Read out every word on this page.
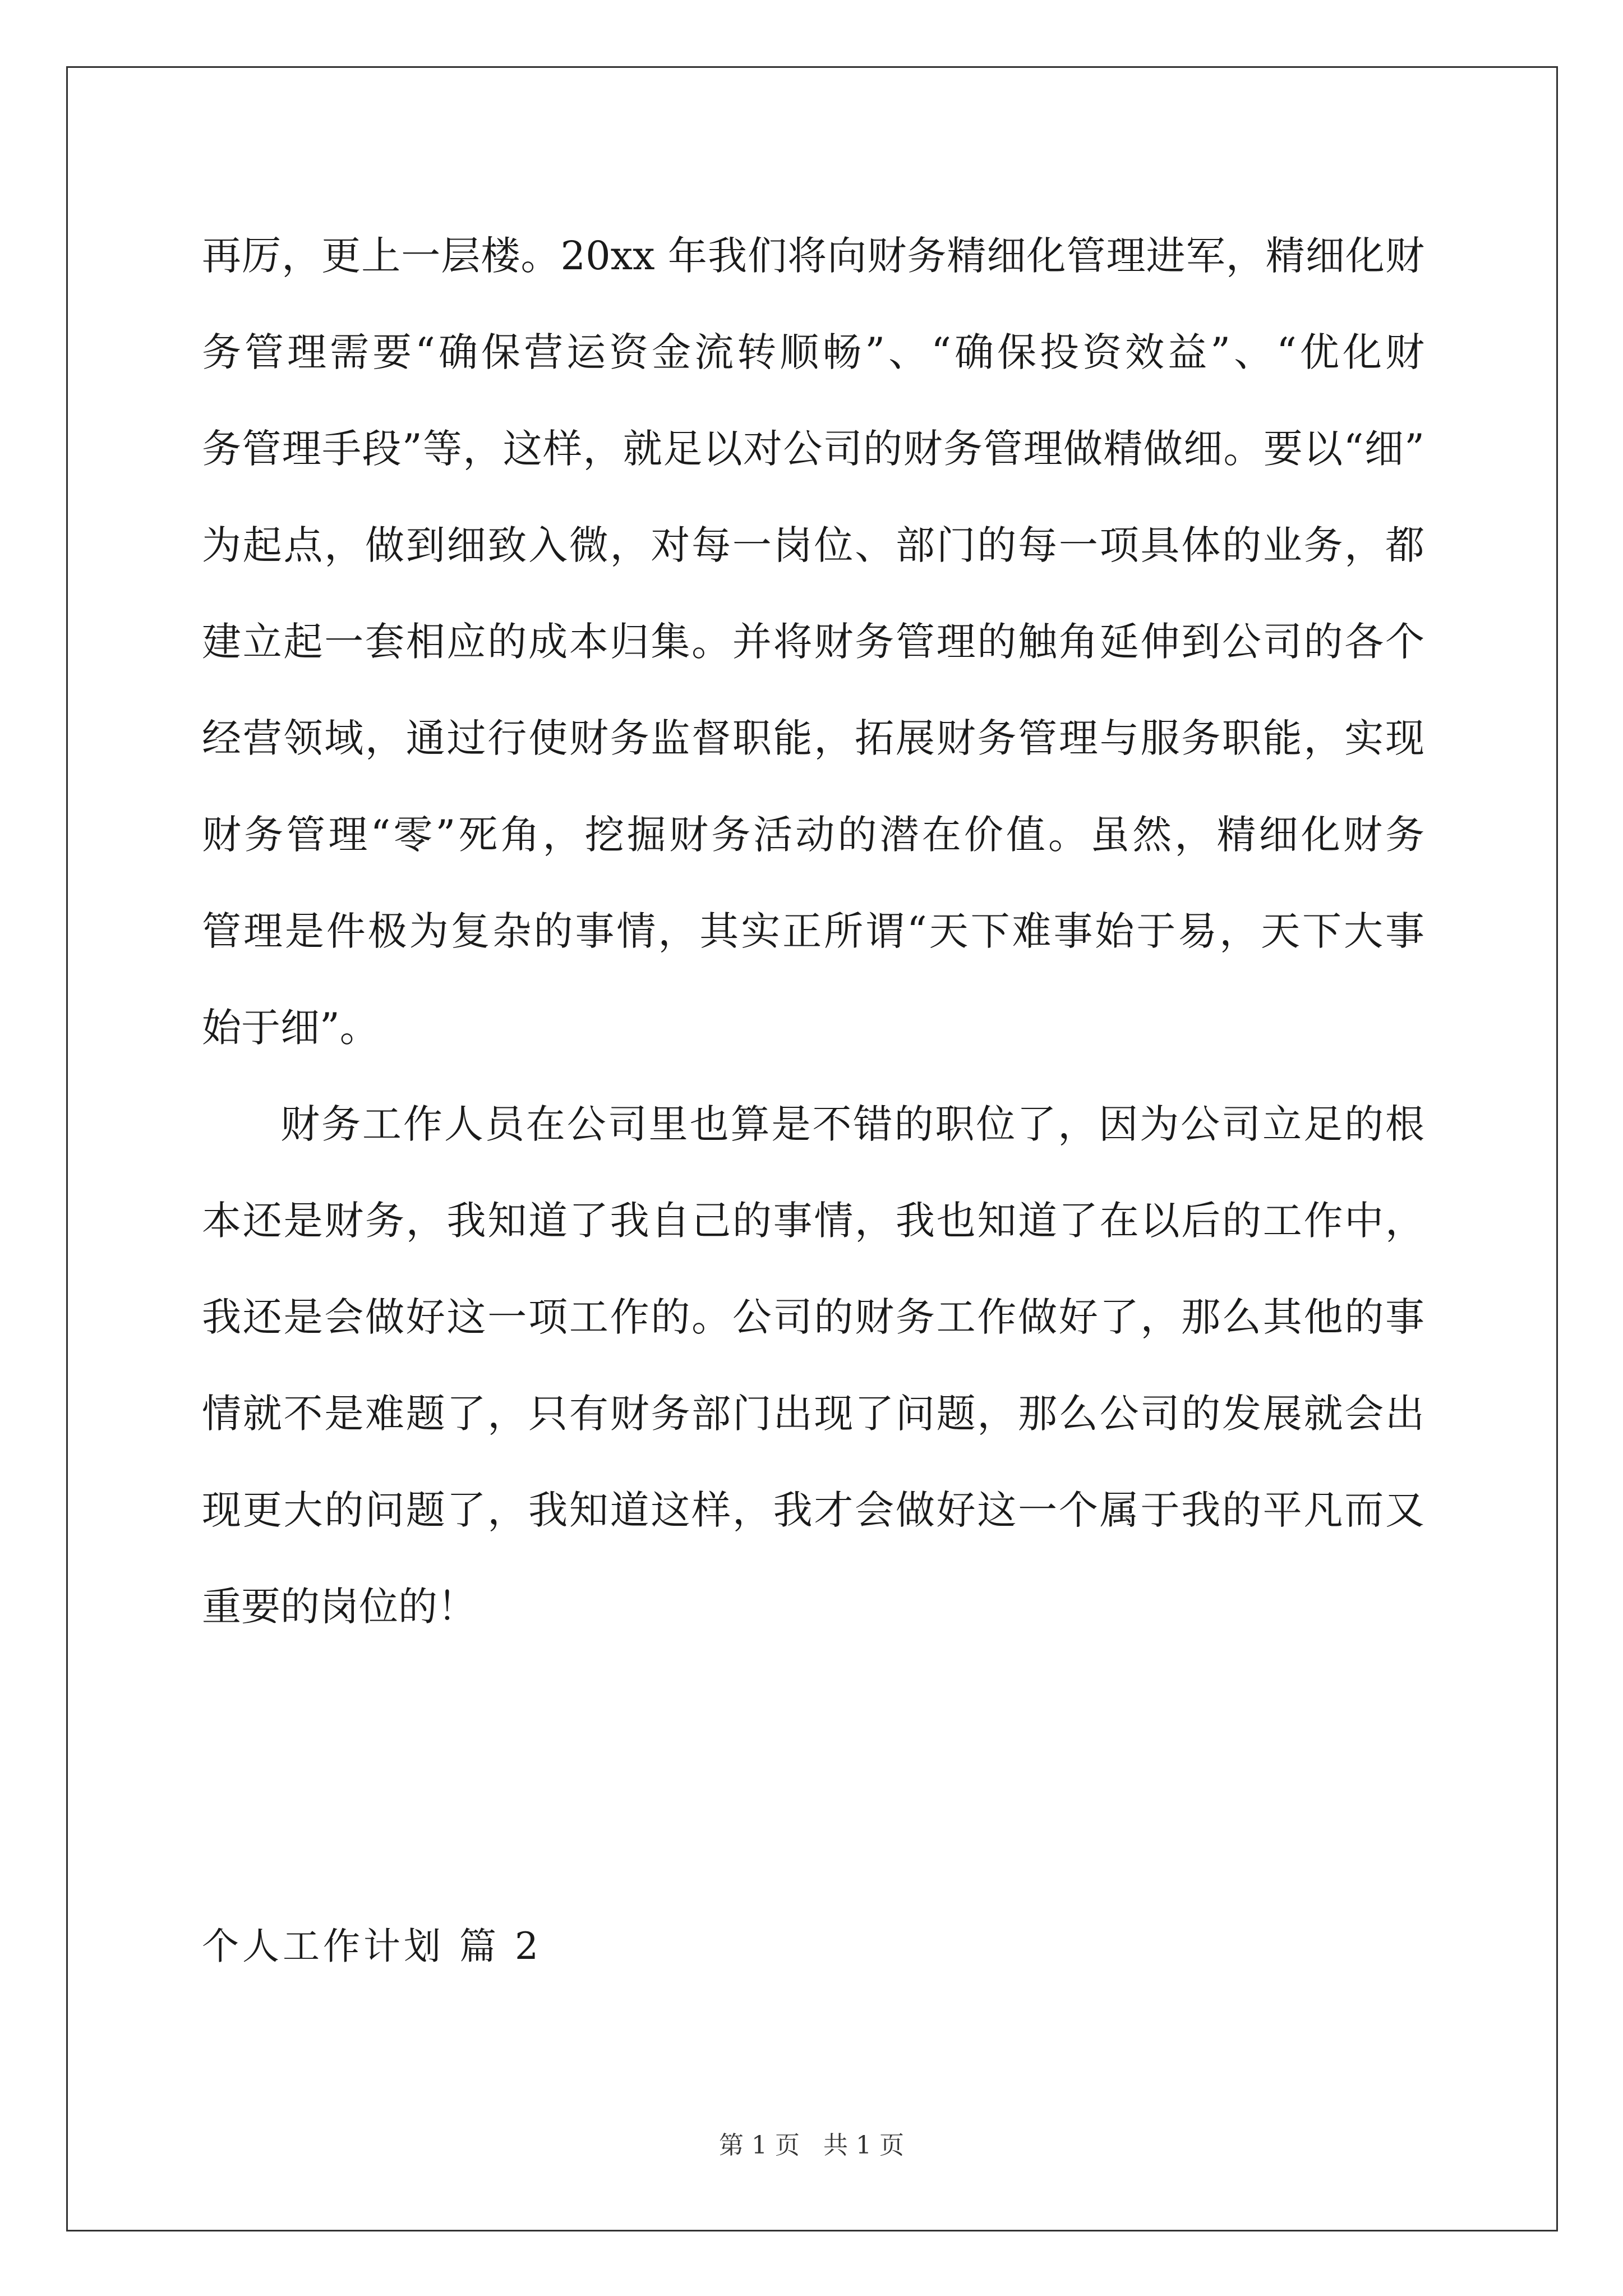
再厉，更上一层楼。20xx 年我们将向财务精细化管理进军，精细化财
务管理需要“确保营运资金流转顺畅”、“确保投资效益”、“优化财
务管理手段”等，这样，就足以对公司的财务管理做精做细。要以“细”
为起点，做到细致入微，对每一岗位、部门的每一项具体的业务，都
建立起一套相应的成本归集。并将财务管理的触角延伸到公司的各个
经营领域，通过行使财务监督职能，拓展财务管理与服务职能，实现
财务管理“零”死角，挖掘财务活动的潜在价值。虽然，精细化财务
管理是件极为复杂的事情，其实正所谓“天下难事始于易，天下大事
始于细”。
财务工作人员在公司里也算是不错的职位了，因为公司立足的根
本还是财务，我知道了我自己的事情，我也知道了在以后的工作中，
我还是会做好这一项工作的。公司的财务工作做好了，那么其他的事
情就不是难题了，只有财务部门出现了问题，那么公司的发展就会出
现更大的问题了，我知道这样，我才会做好这一个属于我的平凡而又
重要的岗位的！
个人工作计划 篇 2
第 1 页   共 1 页
